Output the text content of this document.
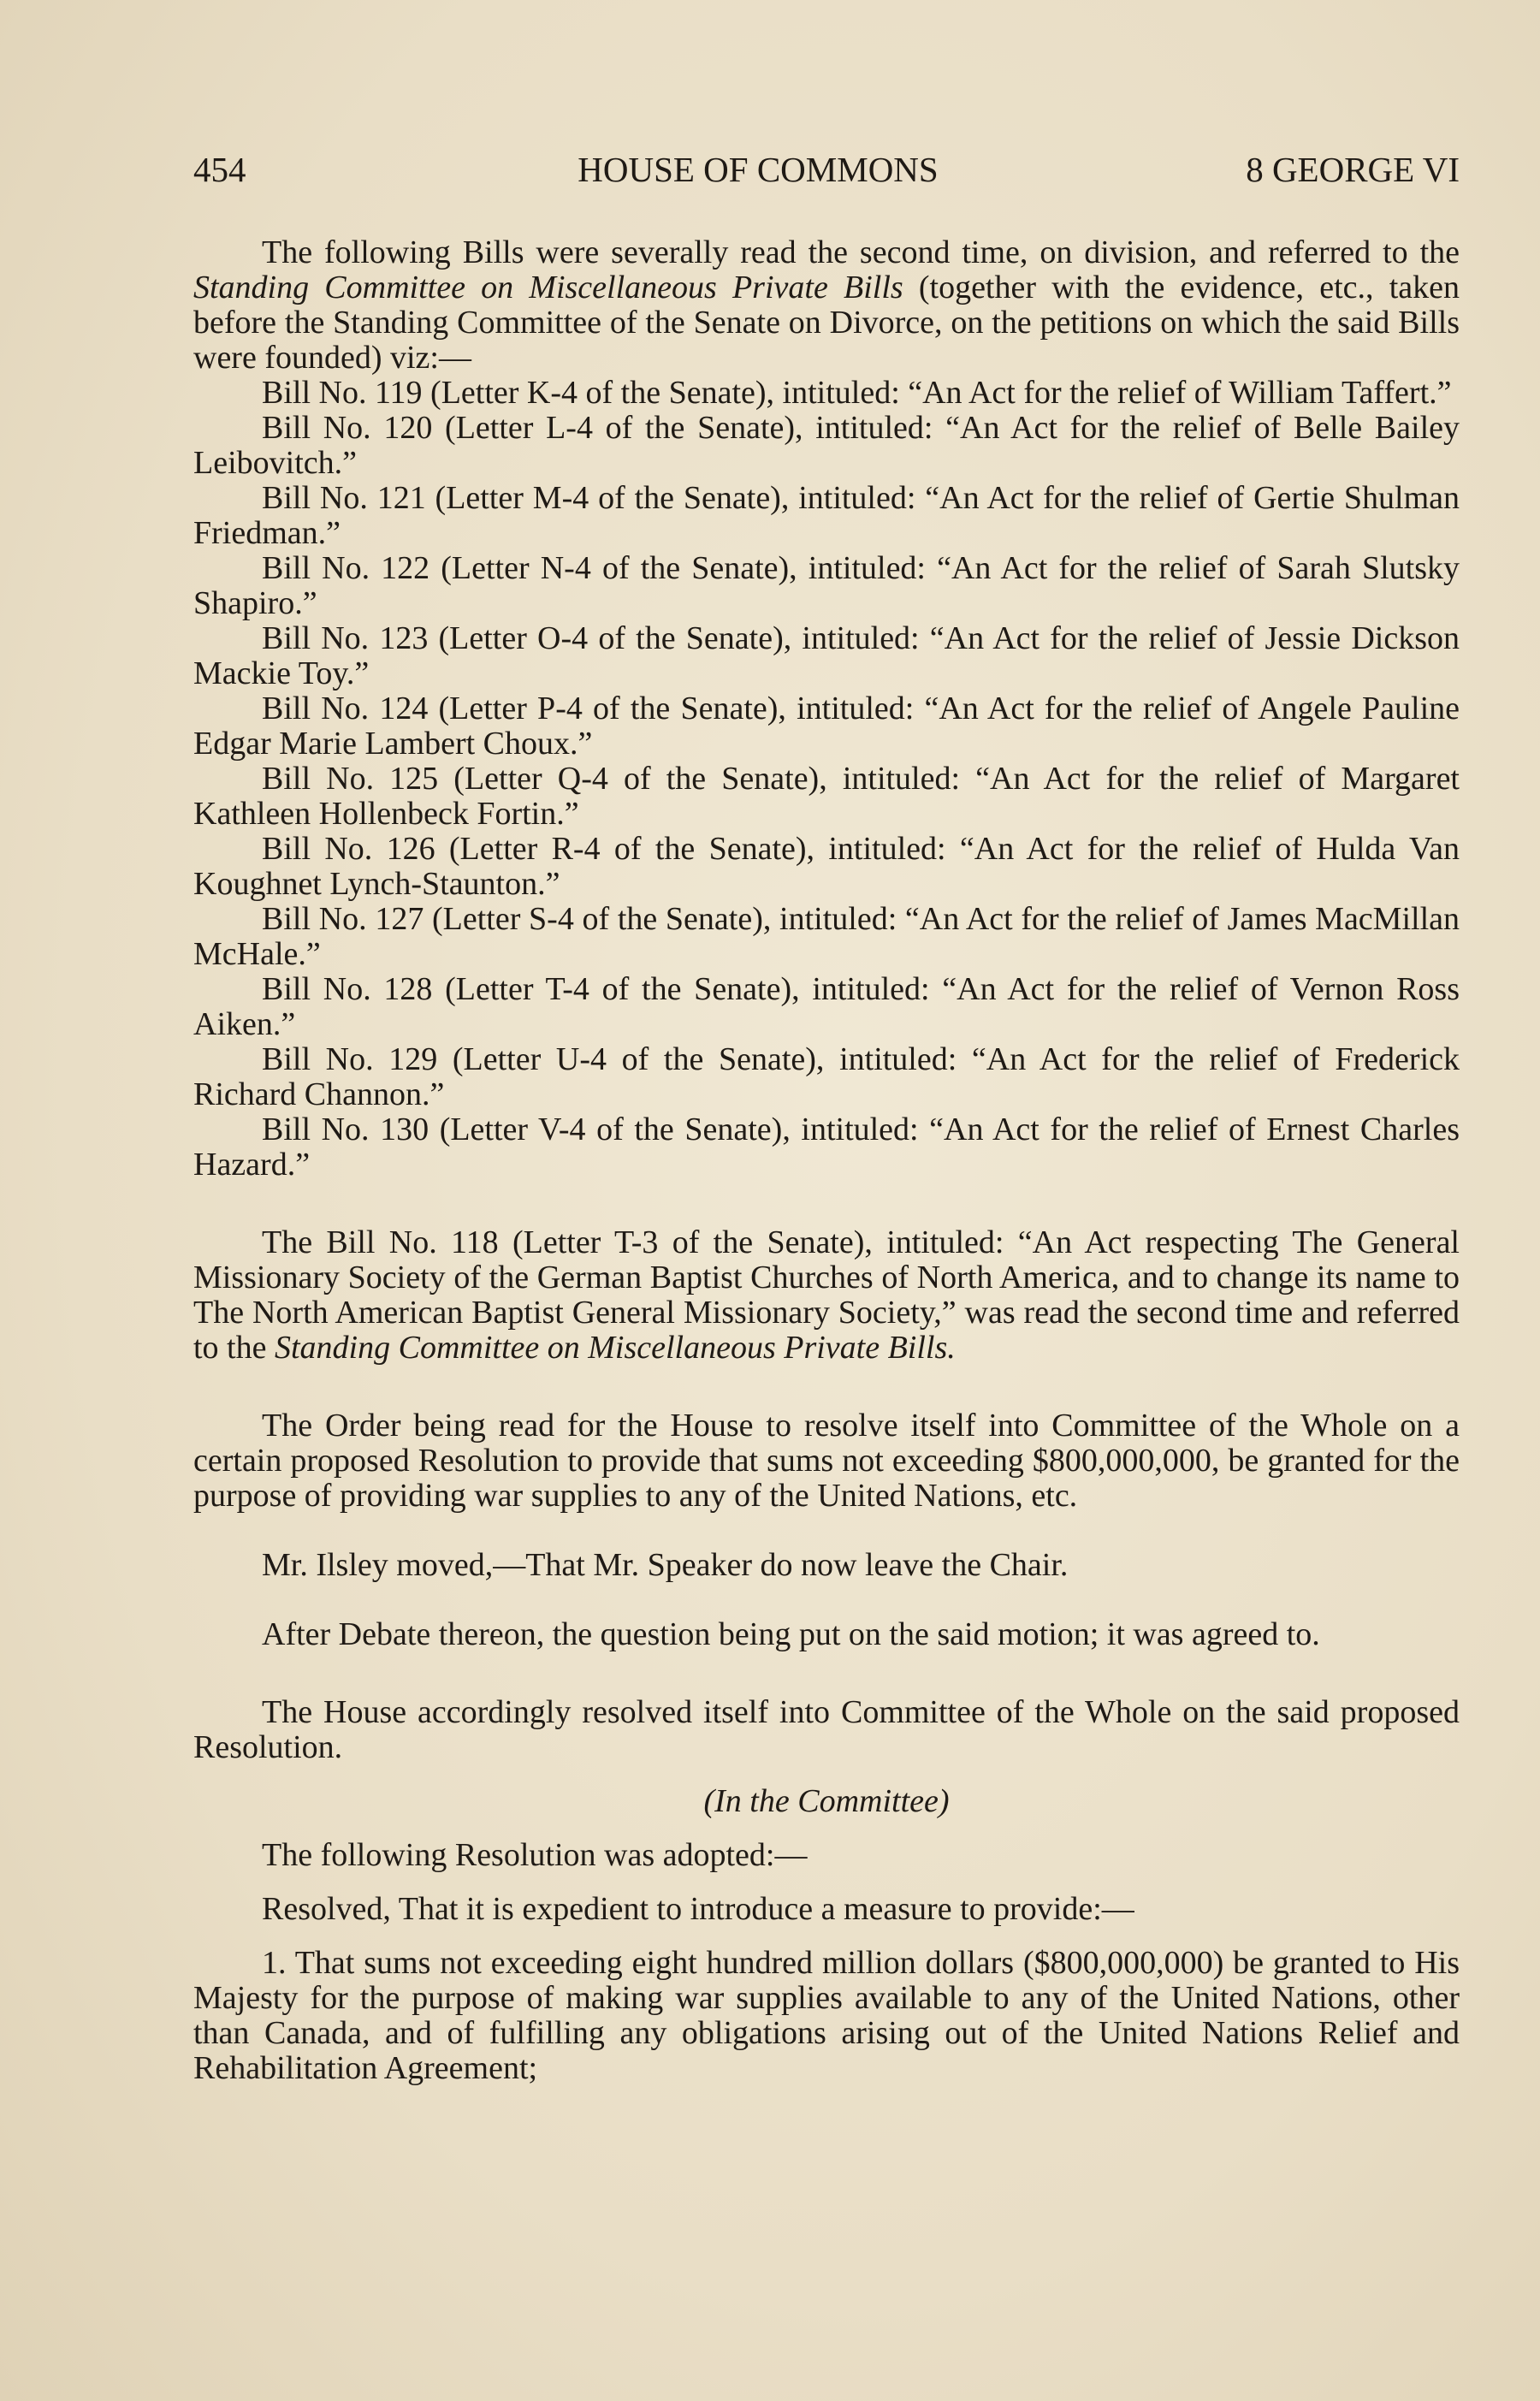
454	HOUSE OF COMMONS	8 GEORGE VI

The following Bills were severally read the second time, on division, and referred to the Standing Committee on Miscellaneous Private Bills (together with the evidence, etc., taken before the Standing Committee of the Senate on Divorce, on the petitions on which the said Bills were founded) viz:—

Bill No. 119 (Letter K-4 of the Senate), intituled: “An Act for the relief of William Taffert.”

Bill No. 120 (Letter L-4 of the Senate), intituled: “An Act for the relief of Belle Bailey Leibovitch.”

Bill No. 121 (Letter M-4 of the Senate), intituled: “An Act for the relief of Gertie Shulman Friedman.”

Bill No. 122 (Letter N-4 of the Senate), intituled: “An Act for the relief of Sarah Slutsky Shapiro.”

Bill No. 123 (Letter O-4 of the Senate), intituled: “An Act for the relief of Jessie Dickson Mackie Toy.”

Bill No. 124 (Letter P-4 of the Senate), intituled: “An Act for the relief of Angele Pauline Edgar Marie Lambert Choux.”

Bill No. 125 (Letter Q-4 of the Senate), intituled: “An Act for the relief of Margaret Kathleen Hollenbeck Fortin.”

Bill No. 126 (Letter R-4 of the Senate), intituled: “An Act for the relief of Hulda Van Koughnet Lynch-Staunton.”

Bill No. 127 (Letter S-4 of the Senate), intituled: “An Act for the relief of James MacMillan McHale.”

Bill No. 128 (Letter T-4 of the Senate), intituled: “An Act for the relief of Vernon Ross Aiken.”

Bill No. 129 (Letter U-4 of the Senate), intituled: “An Act for the relief of Frederick Richard Channon.”

Bill No. 130 (Letter V-4 of the Senate), intituled: “An Act for the relief of Ernest Charles Hazard.”

The Bill No. 118 (Letter T-3 of the Senate), intituled: “An Act respecting The General Missionary Society of the German Baptist Churches of North America, and to change its name to The North American Baptist General Missionary Society,” was read the second time and referred to the Standing Committee on Miscellaneous Private Bills.

The Order being read for the House to resolve itself into Committee of the Whole on a certain proposed Resolution to provide that sums not exceeding $800,000,000, be granted for the purpose of providing war supplies to any of the United Nations, etc.

Mr. Ilsley moved,—That Mr. Speaker do now leave the Chair.

After Debate thereon, the question being put on the said motion; it was agreed to.

The House accordingly resolved itself into Committee of the Whole on the said proposed Resolution.

(In the Committee)

The following Resolution was adopted:—

Resolved, That it is expedient to introduce a measure to provide:—

1. That sums not exceeding eight hundred million dollars ($800,000,000) be granted to His Majesty for the purpose of making war supplies available to any of the United Nations, other than Canada, and of fulfilling any obligations arising out of the United Nations Relief and Rehabilitation Agreement;
